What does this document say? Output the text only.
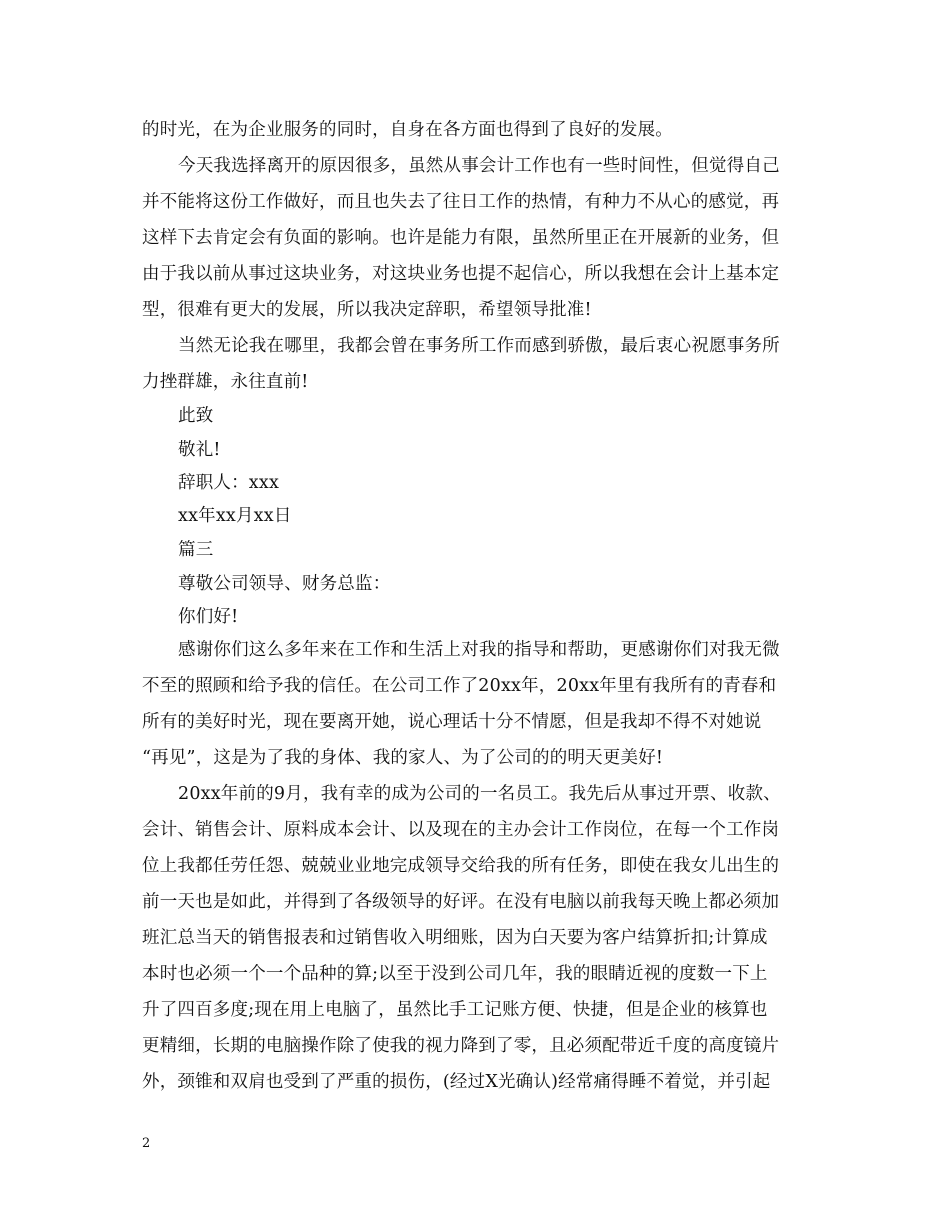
的时光，在为企业服务的同时，自身在各方面也得到了良好的发展。
今天我选择离开的原因很多，虽然从事会计工作也有一些时间性，但觉得自己
并不能将这份工作做好，而且也失去了往日工作的热情，有种力不从心的感觉，再
这样下去肯定会有负面的影响。也许是能力有限，虽然所里正在开展新的业务，但
由于我以前从事过这块业务，对这块业务也提不起信心，所以我想在会计上基本定
型，很难有更大的发展，所以我决定辞职，希望领导批准!
当然无论我在哪里，我都会曾在事务所工作而感到骄傲，最后衷心祝愿事务所
力挫群雄，永往直前!
此致
敬礼!
辞职人：xxx
xx年xx月xx日
篇三
尊敬公司领导、财务总监：
你们好!
感谢你们这么多年来在工作和生活上对我的指导和帮助，更感谢你们对我无微
不至的照顾和给予我的信任。在公司工作了20xx年，20xx年里有我所有的青春和
所有的美好时光，现在要离开她，说心理话十分不情愿，但是我却不得不对她说
“再见”，这是为了我的身体、我的家人、为了公司的的明天更美好!
20xx年前的9月，我有幸的成为公司的一名员工。我先后从事过开票、收款、
会计、销售会计、原料成本会计、以及现在的主办会计工作岗位，在每一个工作岗
位上我都任劳任怨、兢兢业业地完成领导交给我的所有任务，即使在我女儿出生的
前一天也是如此，并得到了各级领导的好评。在没有电脑以前我每天晚上都必须加
班汇总当天的销售报表和过销售收入明细账，因为白天要为客户结算折扣;计算成
本时也必须一个一个品种的算;以至于没到公司几年，我的眼睛近视的度数一下上
升了四百多度;现在用上电脑了，虽然比手工记账方便、快捷，但是企业的核算也
更精细，长期的电脑操作除了使我的视力降到了零，且必须配带近千度的高度镜片
外，颈锥和双肩也受到了严重的损伤，(经过X光确认)经常痛得睡不着觉，并引起
2
